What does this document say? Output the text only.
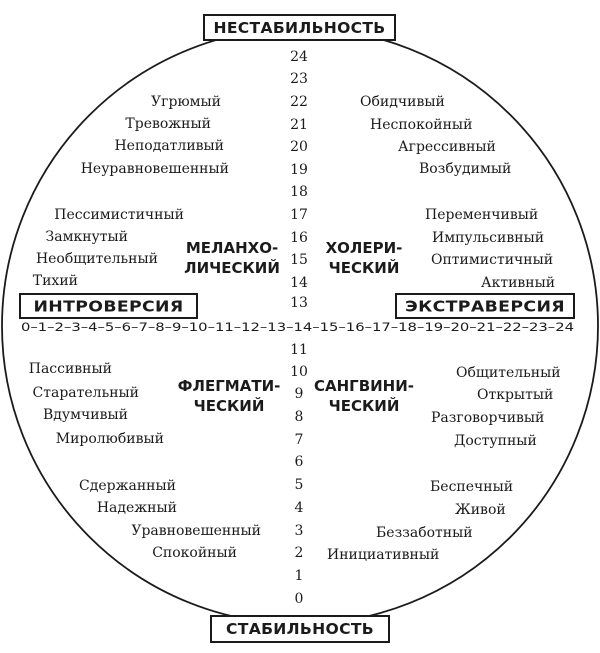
НЕСТАБИЛЬНОСТЬ
СТАБИЛЬНОСТЬ
ИНТРОВЕРСИЯ	ЭКСТРАВЕРСИЯ
0–1–2–3–4–5–6–7–8–9–10–11–12–13–14–15–16–17–18–19–20–21–22–23–24
24
23
22
21
20
19
18
17
16
15
14
13
11
10
9
8
7
6
5
4
3
2
1
0
МЕЛАНХО-
ЛИЧЕСКИЙ
ХОЛЕРИ-
ЧЕСКИЙ
ФЛЕГМАТИ-
ЧЕСКИЙ
САНГВИНИ-
ЧЕСКИЙ
Угрюмый
Тревожный
Неподатливый
Неуравновешенный
Пессимистичный
Замкнутый
Необщительный
Тихий
Обидчивый
Неспокойный
Агрессивный
Возбудимый
Переменчивый
Импульсивный
Оптимистичный
Активный
Пассивный
Старательный
Вдумчивый
Миролюбивый
Сдержанный
Надежный
Уравновешенный
Спокойный
Общительный
Открытый
Разговорчивый
Доступный
Беспечный
Живой
Беззаботный
Инициативный
